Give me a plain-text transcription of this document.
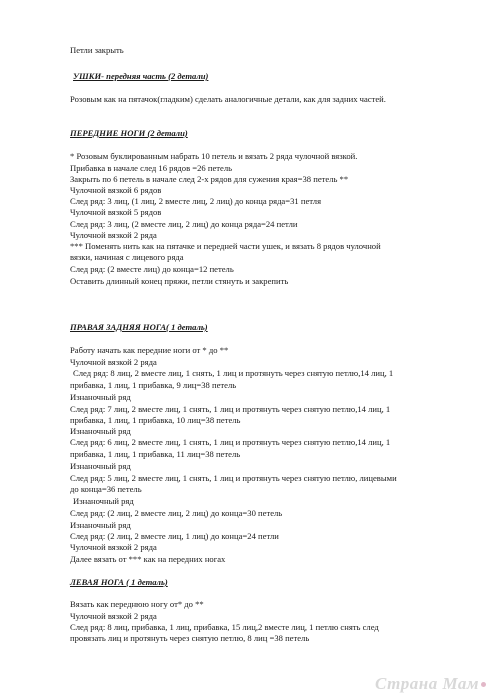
Петли закрыть
УШКИ- передняя часть (2 детали)
Розовым как на пятачок(гладким) сделать аналогичные детали, как для задних частей.
ПЕРЕДНИЕ НОГИ (2 детали)
* Розовым буклированным набрать 10 петель и вязать 2 ряда чулочной вязкой.
Прибавка в начале след 16 рядов =26 петель
Закрыть по 6 петель в начале след 2-х рядов для сужения края=38 петель **
Чулочной вязкой 6 рядов
След ряд: 3 лиц, (1 лиц, 2 вместе лиц, 2 лиц) до конца ряда=31 петля
Чулочной вязкой 5 рядов
След ряд: 3 лиц, (2 вместе лиц, 2 лиц) до конца ряда=24 петли
Чулочной вязкой 2 ряда
*** Поменять нить как на пятачке и передней части ушек, и вязать 8 рядов чулочной
вязки, начиная с лицевого ряда
След ряд: (2 вместе лиц) до конца=12 петель
Оставить длинный конец пряжи, петли стянуть и закрепить
ПРАВАЯ ЗАДНЯЯ НОГА( 1 деталь)
Работу начать как передние ноги от * до **
Чулочной вязкой 2 ряда
След ряд: 8 лиц, 2 вместе лиц, 1 снять, 1 лиц и протянуть через снятую петлю,14 лиц, 1
прибавка, 1 лиц, 1 прибавка, 9 лиц=38 петель
Изнаночный ряд
След ряд: 7 лиц, 2 вместе лиц, 1 снять, 1 лиц и протянуть через снятую петлю,14 лиц, 1
прибавка, 1 лиц, 1 прибавка, 10 лиц=38 петель
Изнаночный ряд
След ряд: 6 лиц, 2 вместе лиц, 1 снять, 1 лиц и протянуть через снятую петлю,14 лиц, 1
прибавка, 1 лиц, 1 прибавка, 11 лиц=38 петель
Изнаночный ряд
След ряд: 5 лиц, 2 вместе лиц, 1 снять, 1 лиц и протянуть через снятую петлю, лицевыми
до конца=36 петель
Изнаночный ряд
След ряд: (2 лиц, 2 вместе лиц, 2 лиц) до конца=30 петель
Изнаночный ряд
След ряд: (2 лиц, 2 вместе лиц, 1 лиц) до конца=24 петли
Чулочной вязкой 2 ряда
Далее вязать от *** как на передних ногах
ЛЕВАЯ НОГА ( 1 деталь)
Вязать как переднюю ногу от* до **
Чулочной вязкой 2 ряда
След ряд: 8 лиц, прибавка, 1 лиц, прибавка, 15 лиц,2 вместе лиц, 1 петлю снять след
провязать лиц и протянуть через снятую петлю, 8 лиц =38 петель
Страна Мам
